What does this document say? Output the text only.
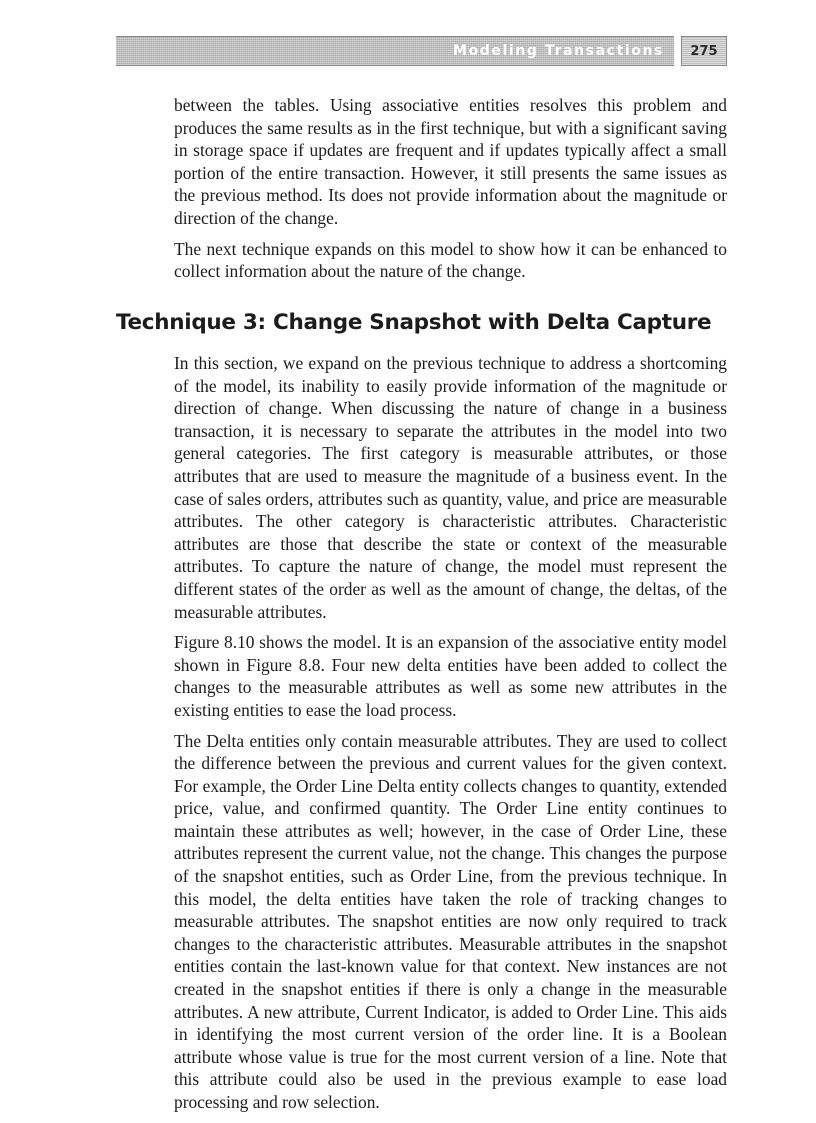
Modeling Transactions	275

between the tables. Using associative entities resolves this problem and produces the same results as in the first technique, but with a significant saving in storage space if updates are frequent and if updates typically affect a small portion of the entire transaction. However, it still presents the same issues as the previous method. Its does not provide information about the magnitude or direction of the change.

The next technique expands on this model to show how it can be enhanced to collect information about the nature of the change.

Technique 3: Change Snapshot with Delta Capture

In this section, we expand on the previous technique to address a shortcoming of the model, its inability to easily provide information of the magnitude or direction of change. When discussing the nature of change in a business transaction, it is necessary to separate the attributes in the model into two general categories. The first category is measurable attributes, or those attributes that are used to measure the magnitude of a business event. In the case of sales orders, attributes such as quantity, value, and price are measurable attributes. The other category is characteristic attributes. Characteristic attributes are those that describe the state or context of the measurable attributes. To capture the nature of change, the model must represent the different states of the order as well as the amount of change, the deltas, of the measurable attributes.

Figure 8.10 shows the model. It is an expansion of the associative entity model shown in Figure 8.8. Four new delta entities have been added to collect the changes to the measurable attributes as well as some new attributes in the existing entities to ease the load process.

The Delta entities only contain measurable attributes. They are used to collect the difference between the previous and current values for the given context. For example, the Order Line Delta entity collects changes to quantity, extended price, value, and confirmed quantity. The Order Line entity continues to maintain these attributes as well; however, in the case of Order Line, these attributes represent the current value, not the change. This changes the purpose of the snapshot entities, such as Order Line, from the previous technique. In this model, the delta entities have taken the role of tracking changes to measurable attributes. The snapshot entities are now only required to track changes to the characteristic attributes. Measurable attributes in the snapshot entities contain the last-known value for that context. New instances are not created in the snapshot entities if there is only a change in the measurable attributes. A new attribute, Current Indicator, is added to Order Line. This aids in identifying the most current version of the order line. It is a Boolean attribute whose value is true for the most current version of a line. Note that this attribute could also be used in the previous example to ease load processing and row selection.
